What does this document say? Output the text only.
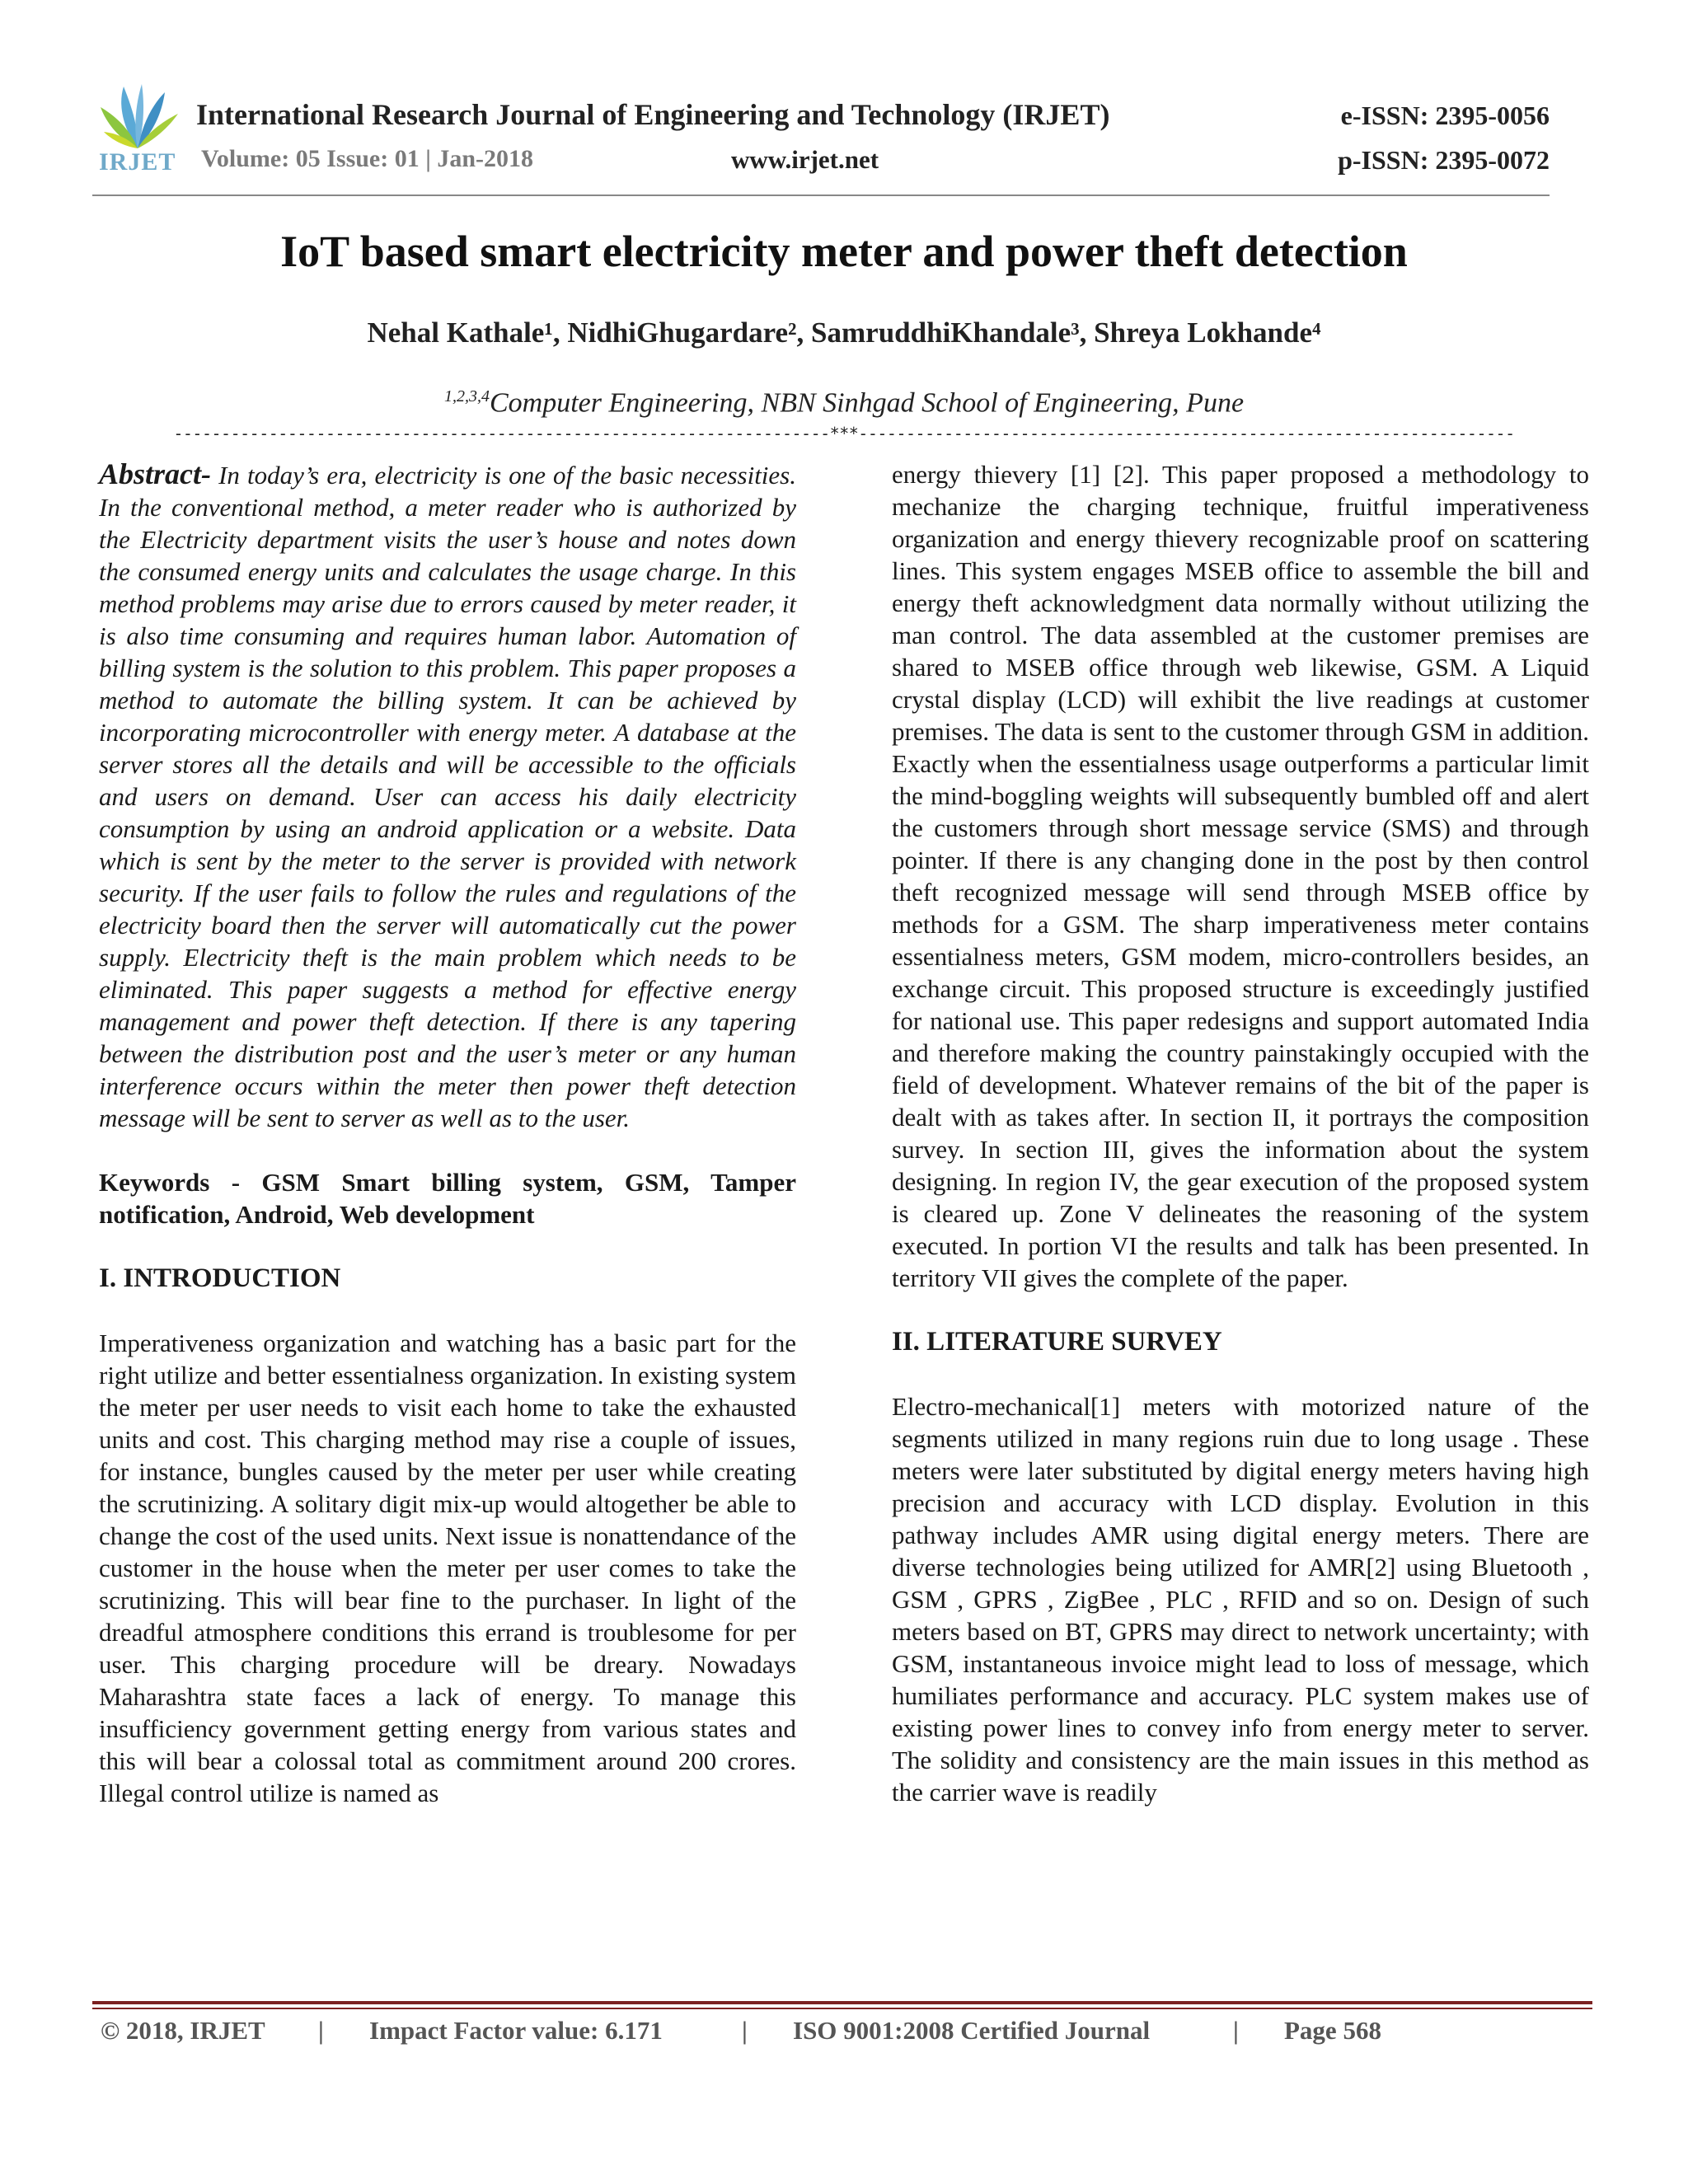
IRJET
International Research Journal of Engineering and Technology (IRJET)	e-ISSN: 2395-0056
Volume: 05 Issue: 01 | Jan-2018	www.irjet.net	p-ISSN: 2395-0072
IoT based smart electricity meter and power theft detection
Nehal Kathale¹, NidhiGhugardare², SamruddhiKhandale³, Shreya Lokhande⁴
$^{1,2,3,4}$Computer Engineering, NBN Sinhgad School of Engineering, Pune
---------------------------------------------------------------------***---------------------------------------------------------------------

Abstract- In today’s era, electricity is one of the basic necessities. In the conventional method, a meter reader who is authorized by the Electricity department visits the user’s house and notes down the consumed energy units and calculates the usage charge. In this method problems may arise due to errors caused by meter reader, it is also time consuming and requires human labor. Automation of billing system is the solution to this problem. This paper proposes a method to automate the billing system. It can be achieved by incorporating microcontroller with energy meter. A database at the server stores all the details and will be accessible to the officials and users on demand. User can access his daily electricity consumption by using an android application or a website. Data which is sent by the meter to the server is provided with network security. If the user fails to follow the rules and regulations of the electricity board then the server will automatically cut the power supply. Electricity theft is the main problem which needs to be eliminated. This paper suggests a method for effective energy management and power theft detection. If there is any tapering between the distribution post and the user’s meter or any human interference occurs within the meter then power theft detection message will be sent to server as well as to the user.

Keywords - GSM Smart billing system, GSM, Tamper notification, Android, Web development

I. INTRODUCTION

Imperativeness organization and watching has a basic part for the right utilize and better essentialness organization. In existing system the meter per user needs to visit each home to take the exhausted units and cost. This charging method may rise a couple of issues, for instance, bungles caused by the meter per user while creating the scrutinizing. A solitary digit mix-up would altogether be able to change the cost of the used units. Next issue is nonattendance of the customer in the house when the meter per user comes to take the scrutinizing. This will bear fine to the purchaser. In light of the dreadful atmosphere conditions this errand is troublesome for per user. This charging procedure will be dreary. Nowadays Maharashtra state faces a lack of energy. To manage this insufficiency government getting energy from various states and this will bear a colossal total as commitment around 200 crores. Illegal control utilize is named as

energy thievery [1] [2]. This paper proposed a methodology to mechanize the charging technique, fruitful imperativeness organization and energy thievery recognizable proof on scattering lines. This system engages MSEB office to assemble the bill and energy theft acknowledgment data normally without utilizing the man control. The data assembled at the customer premises are shared to MSEB office through web likewise, GSM. A Liquid crystal display (LCD) will exhibit the live readings at customer premises. The data is sent to the customer through GSM in addition. Exactly when the essentialness usage outperforms a particular limit the mind-boggling weights will subsequently bumbled off and alert the customers through short message service (SMS) and through pointer. If there is any changing done in the post by then control theft recognized message will send through MSEB office by methods for a GSM. The sharp imperativeness meter contains essentialness meters, GSM modem, micro-controllers besides, an exchange circuit. This proposed structure is exceedingly justified for national use. This paper redesigns and support automated India and therefore making the country painstakingly occupied with the field of development. Whatever remains of the bit of the paper is dealt with as takes after. In section II, it portrays the composition survey. In section III, gives the information about the system designing. In region IV, the gear execution of the proposed system is cleared up. Zone V delineates the reasoning of the system executed. In portion VI the results and talk has been presented. In territory VII gives the complete of the paper.

II. LITERATURE SURVEY

Electro-mechanical[1] meters with motorized nature of the segments utilized in many regions ruin due to long usage . These meters were later substituted by digital energy meters having high precision and accuracy with LCD display. Evolution in this pathway includes AMR using digital energy meters. There are diverse technologies being utilized for AMR[2] using Bluetooth , GSM , GPRS , ZigBee , PLC , RFID and so on. Design of such meters based on BT, GPRS may direct to network uncertainty; with GSM, instantaneous invoice might lead to loss of message, which humiliates performance and accuracy. PLC system makes use of existing power lines to convey info from energy meter to server. The solidity and consistency are the main issues in this method as the carrier wave is readily

© 2018, IRJET | Impact Factor value: 6.171	| ISO 9001:2008 Certified Journal	| Page 568
